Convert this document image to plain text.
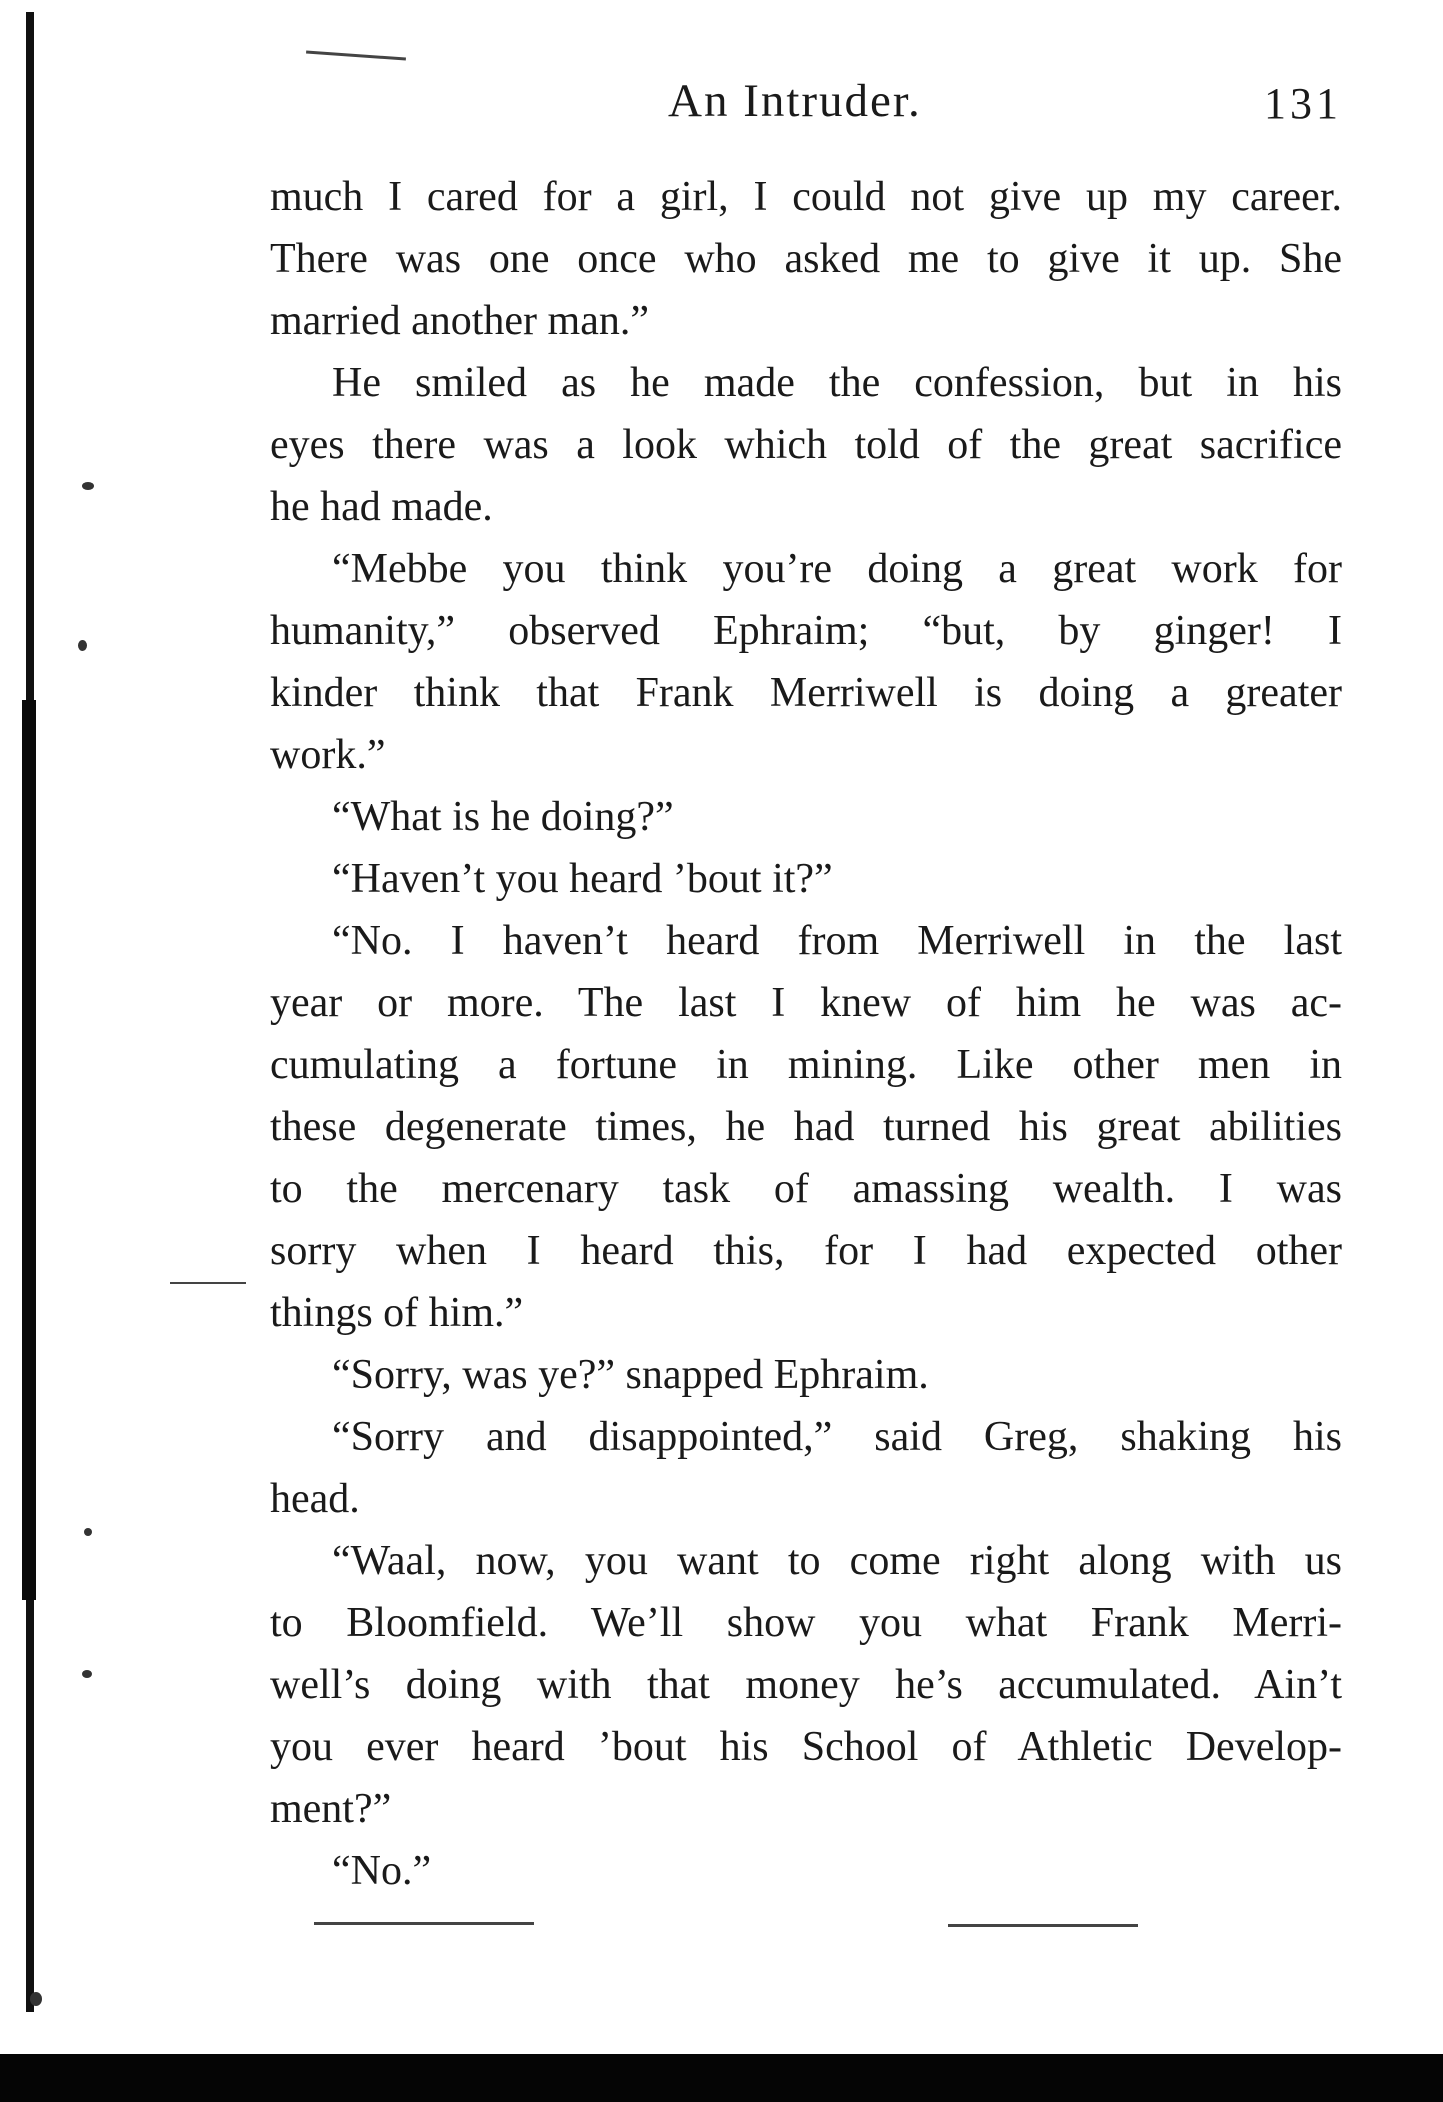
An Intruder.	131
much I cared for a girl, I could not give up my career.
There was one once who asked me to give it up. She
married another man.”
He smiled as he made the confession, but in his
eyes there was a look which told of the great sacrifice
he had made.
“Mebbe you think you’re doing a great work for
humanity,” observed Ephraim; “but, by ginger! I
kinder think that Frank Merriwell is doing a greater
work.”
“What is he doing?”
“Haven’t you heard ’bout it?”
“No. I haven’t heard from Merriwell in the last
year or more. The last I knew of him he was ac-
cumulating a fortune in mining. Like other men in
these degenerate times, he had turned his great abilities
to the mercenary task of amassing wealth. I was
sorry when I heard this, for I had expected other
things of him.”
“Sorry, was ye?” snapped Ephraim.
“Sorry and disappointed,” said Greg, shaking his
head.
“Waal, now, you want to come right along with us
to Bloomfield. We’ll show you what Frank Merri-
well’s doing with that money he’s accumulated. Ain’t
you ever heard ’bout his School of Athletic Develop-
ment?”
“No.”
